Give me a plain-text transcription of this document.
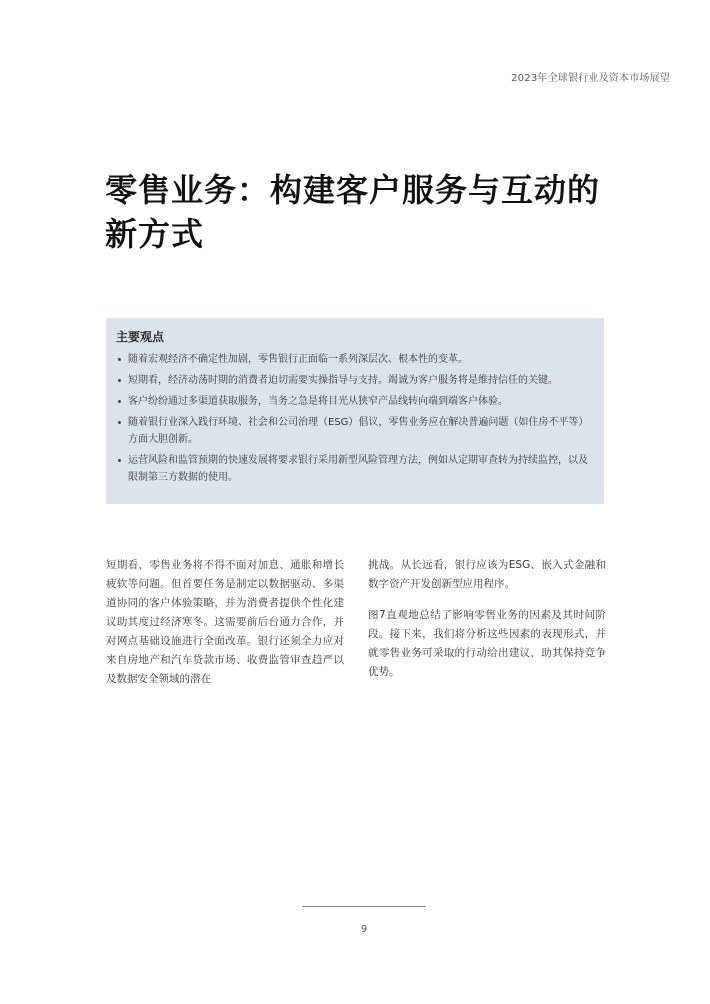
2023年全球银行业及资本市场展望
零售业务：构建客户服务与互动的
新方式
主要观点
随着宏观经济不确定性加剧，零售银行正面临一系列深层次、根本性的变革。
短期看，经济动荡时期的消费者迫切需要实操指导与支持。竭诚为客户服务将是维持信任的关键。
客户纷纷通过多渠道获取服务，当务之急是将目光从狭窄产品线转向端到端客户体验。
随着银行业深入践行环境、社会和公司治理（ESG）倡议，零售业务应在解决普遍问题（如住房不平等）方面大胆创新。
运营风险和监管预期的快速发展将要求银行采用新型风险管理方法，例如从定期审查转为持续监控，以及限制第三方数据的使用。

短期看，零售业务将不得不面对加息、通胀和增长疲软等问题。但首要任务是制定以数据驱动、多渠道协同的客户体验策略，并为消费者提供个性化建议助其度过经济寒冬。这需要前后台通力合作，并对网点基础设施进行全面改革。银行还须全力应对来自房地产和汽车贷款市场、收费监管审查趋严以及数据安全领域的潜在

挑战。从长远看，银行应该为ESG、嵌入式金融和数字资产开发创新型应用程序。

图7直观地总结了影响零售业务的因素及其时间阶段。接下来，我们将分析这些因素的表现形式，并就零售业务可采取的行动给出建议，助其保持竞争优势。

9
